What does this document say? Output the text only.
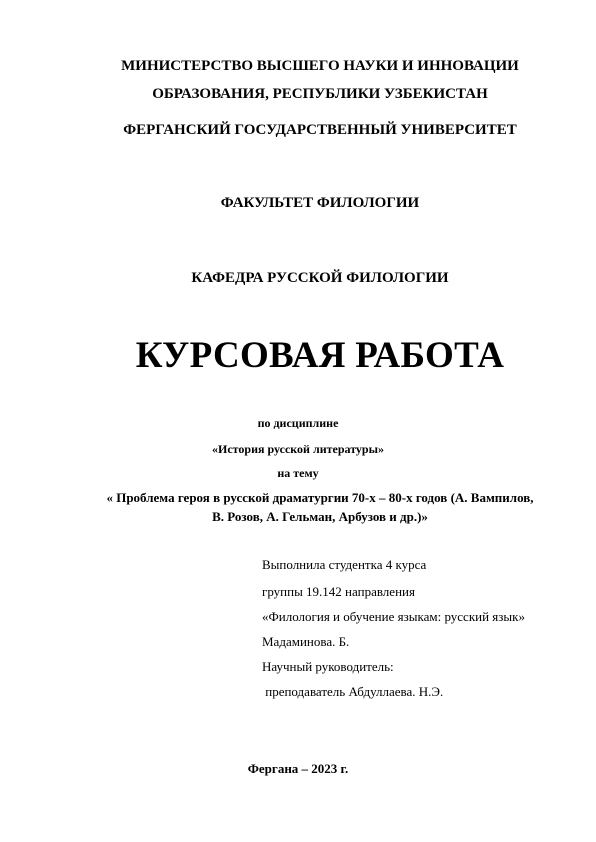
МИНИСТЕРСТВО ВЫСШЕГО НАУКИ И ИННОВАЦИИ
ОБРАЗОВАНИЯ, РЕСПУБЛИКИ УЗБЕКИСТАН
ФЕРГАНСКИЙ ГОСУДАРСТВЕННЫЙ УНИВЕРСИТЕТ
ФАКУЛЬТЕТ ФИЛОЛОГИИ
КАФЕДРА РУССКОЙ ФИЛОЛОГИИ
КУРСОВАЯ РАБОТА
по дисциплине
«История русской литературы»
на тему
« Проблема героя в русской драматургии 70-х – 80-х годов (А. Вампилов,
В. Розов, А. Гельман, Арбузов и др.)»
Выполнила студентка 4 курса
группы 19.142 направления
«Филология и обучение языкам: русский язык»
Мадаминова. Б.
Научный руководитель:
преподаватель Абдуллаева. Н.Э.
Фергана – 2023 г.
